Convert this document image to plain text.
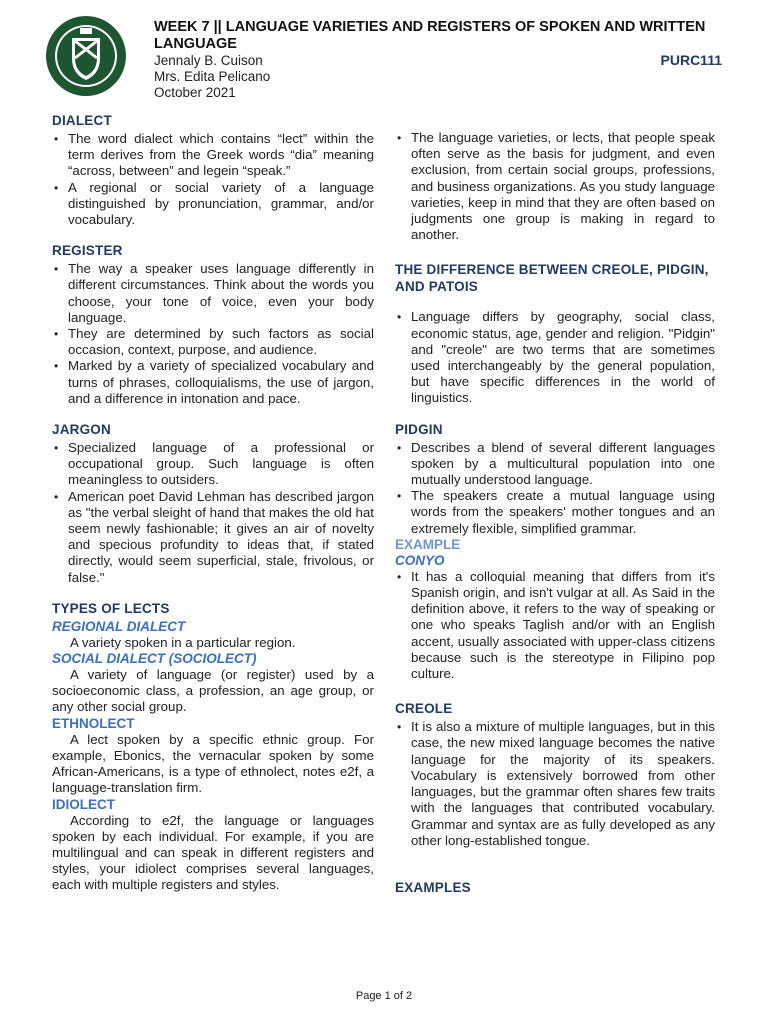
WEEK 7 || LANGUAGE VARIETIES AND REGISTERS OF SPOKEN AND WRITTEN LANGUAGE
Jennaly B. Cuison
Mrs. Edita Pelicano
October 2021
PURC111
DIALECT
• The word dialect which contains “lect” within the term derives from the Greek words “dia” meaning “across, between” and legein “speak.”
• A regional or social variety of a language distinguished by pronunciation, grammar, and/or vocabulary.
REGISTER
• The way a speaker uses language differently in different circumstances. Think about the words you choose, your tone of voice, even your body language.
• They are determined by such factors as social occasion, context, purpose, and audience.
• Marked by a variety of specialized vocabulary and turns of phrases, colloquialisms, the use of jargon, and a difference in intonation and pace.
JARGON
• Specialized language of a professional or occupational group. Such language is often meaningless to outsiders.
• American poet David Lehman has described jargon as "the verbal sleight of hand that makes the old hat seem newly fashionable; it gives an air of novelty and specious profundity to ideas that, if stated directly, would seem superficial, stale, frivolous, or false."
TYPES OF LECTS
REGIONAL DIALECT

A variety spoken in a particular region.

SOCIAL DIALECT (SOCIOLECT)

A variety of language (or register) used by a socioeconomic class, a profession, an age group, or any other social group.

ETHNOLECT

A lect spoken by a specific ethnic group. For example, Ebonics, the vernacular spoken by some African-Americans, is a type of ethnolect, notes e2f, a language-translation firm.

IDIOLECT

According to e2f, the language or languages spoken by each individual. For example, if you are multilingual and can speak in different registers and styles, your idiolect comprises several languages, each with multiple registers and styles.

• The language varieties, or lects, that people speak often serve as the basis for judgment, and even exclusion, from certain social groups, professions, and business organizations. As you study language varieties, keep in mind that they are often based on judgments one group is making in regard to another.
THE DIFFERENCE BETWEEN CREOLE, PIDGIN, AND PATOIS
• Language differs by geography, social class, economic status, age, gender and religion. "Pidgin" and "creole" are two terms that are sometimes used interchangeably by the general population, but have specific differences in the world of linguistics.
PIDGIN
• Describes a blend of several different languages spoken by a multicultural population into one mutually understood language.
• The speakers create a mutual language using words from the speakers' mother tongues and an extremely flexible, simplified grammar.
EXAMPLE
CONYO
• It has a colloquial meaning that differs from it's Spanish origin, and isn't vulgar at all. As Said in the definition above, it refers to the way of speaking or one who speaks Taglish and/or with an English accent, usually associated with upper-class citizens because such is the stereotype in Filipino pop culture.
CREOLE
• It is also a mixture of multiple languages, but in this case, the new mixed language becomes the native language for the majority of its speakers. Vocabulary is extensively borrowed from other languages, but the grammar often shares few traits with the languages that contributed vocabulary. Grammar and syntax are as fully developed as any other long-established tongue.
EXAMPLES
Page 1 of 2
